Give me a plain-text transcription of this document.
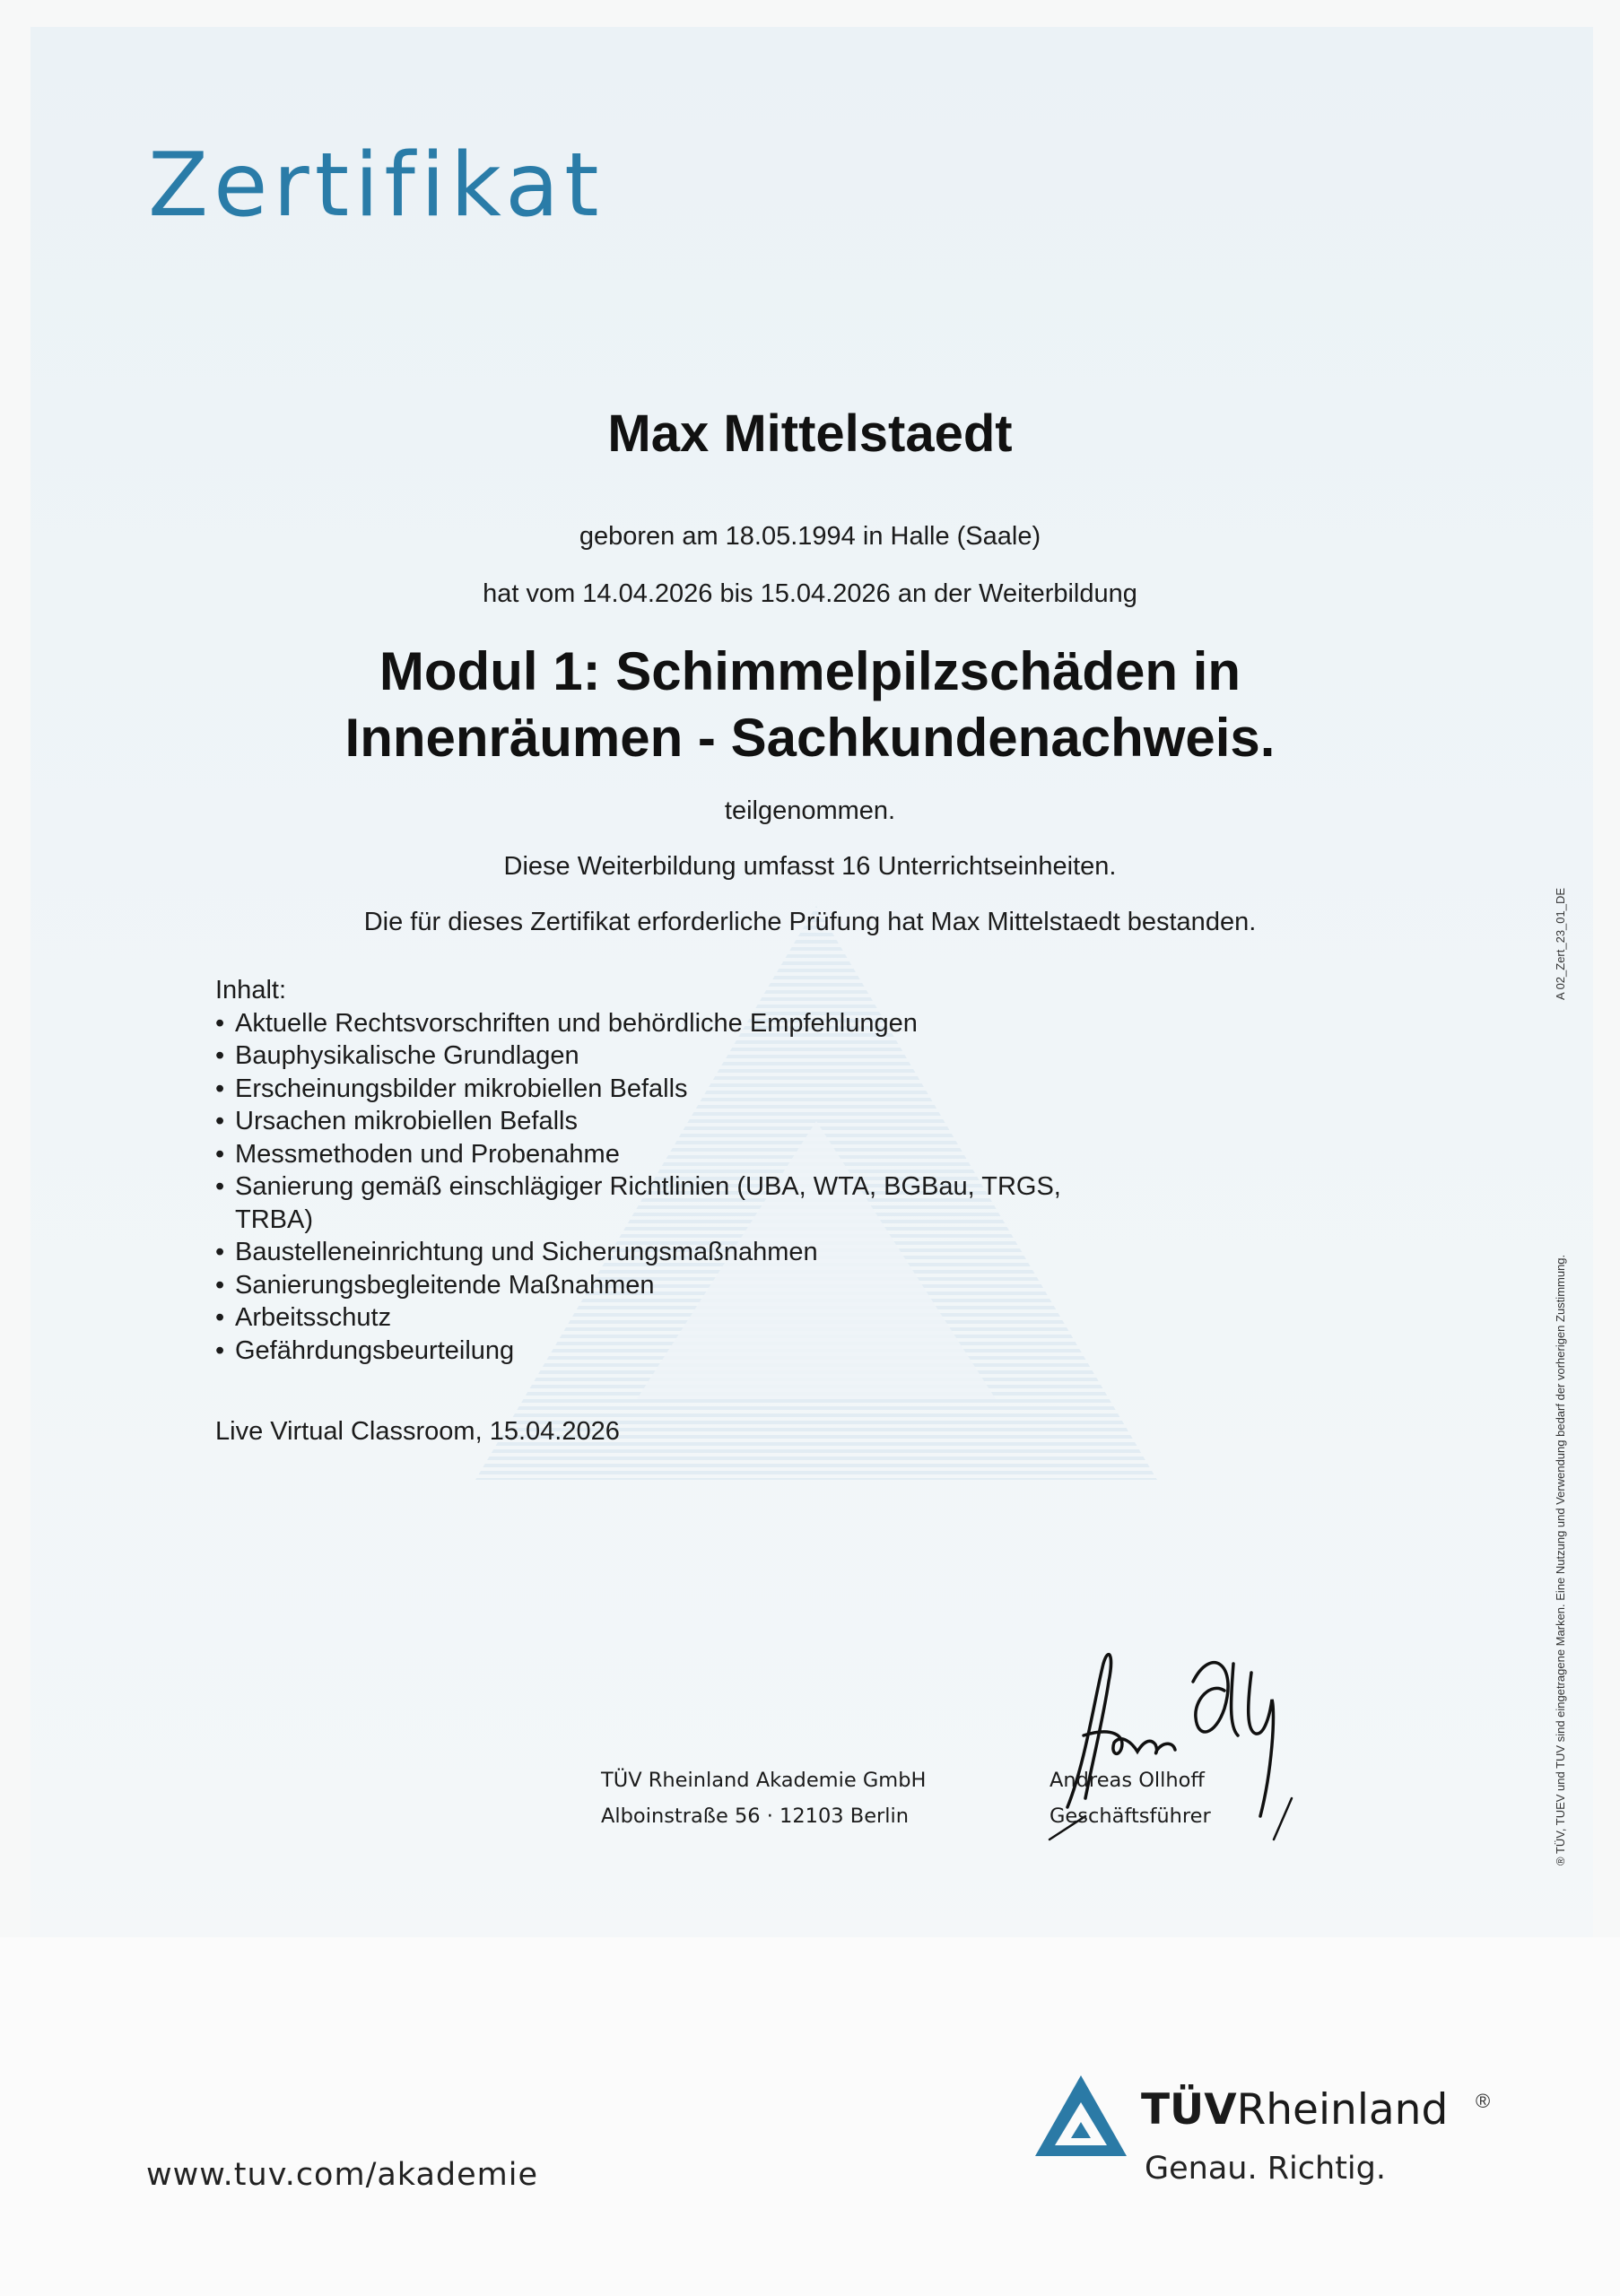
Zertifikat

Max Mittelstaedt

geboren am 18.05.1994 in Halle (Saale)

hat vom 14.04.2026 bis 15.04.2026 an der Weiterbildung

Modul 1: Schimmelpilzschäden in
Innenräumen - Sachkundenachweis.

teilgenommen.

Diese Weiterbildung umfasst 16 Unterrichtseinheiten.

Die für dieses Zertifikat erforderliche Prüfung hat Max Mittelstaedt bestanden.

Inhalt:
• Aktuelle Rechtsvorschriften und behördliche Empfehlungen
• Bauphysikalische Grundlagen
• Erscheinungsbilder mikrobiellen Befalls
• Ursachen mikrobiellen Befalls
• Messmethoden und Probenahme
• Sanierung gemäß einschlägiger Richtlinien (UBA, WTA, BGBau, TRGS, TRBA)
• Baustelleneinrichtung und Sicherungsmaßnahmen
• Sanierungsbegleitende Maßnahmen
• Arbeitsschutz
• Gefährdungsbeurteilung
Live Virtual Classroom, 15.04.2026
TÜV Rheinland Akademie GmbH
Alboinstraße 56 · 12103 Berlin
Andreas Ollhoff
Geschäftsführer	® TÜV, TUEV und TUV sind eingetragene Marken. Eine Nutzung und Verwendung bedarf der vorherigen Zustimmung.
A 02_Zert_23_01_DE
www.tuv.com/akademie
TÜVRheinland ®
Genau. Richtig.
